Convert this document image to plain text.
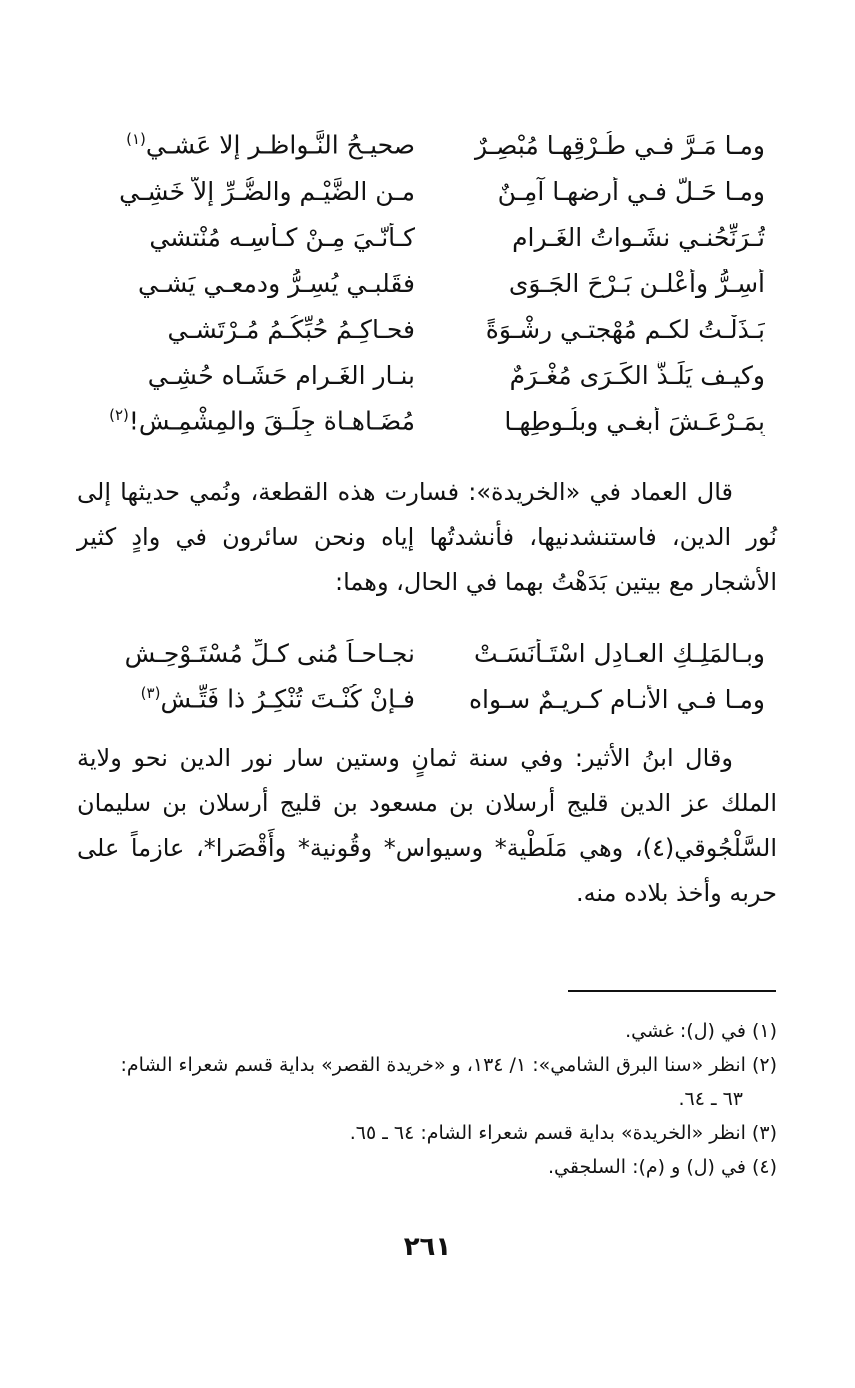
ومـا مَـرَّ فـي طُـرْقِهـا مُبْصِـرٌ
صحيـحُ النَّـواظـر إلا عَشـي$^{(١)}$
ومـا حَـلَّ فـي أرضهـا آمِـنٌ
مـن الضَّيْـم والضُّـرِّ إلاّ خَشِـي
تُـرَنِّحُنـي نشَـواتُ الغَـرام
كـأنّـيَ مِـنْ كـأسِـه مُنْتشي
أُسِـرُّ وأُعْلـن بَـرْحَ الجَـوَى
فقَلبـي يُسِـرُّ ودمعـي يَشـي
بَـذَلْـتُ لكـم مُهْجتـي رِشْـوَةً
فحـاكِـمُ حُبِّكُـمُ مُـرْتَشـي
وكيـف يَلَـذُّ الكَـرَى مُغْـرَمٌ
بنـار الغَـرام حَشَـاه حُشِـي
بِمَـرْعَـشَ أبغـي وبلُـوطِهـا
مُضَـاهـاة جِلِّـقَ والمِشْمِـشِ!$^{(٢)}$

قال العماد في «الخريدة»: فسارت هذه القطعة، ونُمي حديثها إلى نُور الدين، فاستنشدنيها، فأنشدتُها إياه ونحن سائرون في وادٍ كثير الأشجار مع بيتين بَدَهْتُ بهما في الحال، وهما:

وبـالمَلِـكِ العـادِلِ اسْتَـأنَسَـتْ
نجـاحـاً مُنى كـلِّ مُسْتَـوْحِـشِ
ومـا فـي الأنـامِ كـريـمٌ سـواه
فـإنْ كُنْـتَ تُنْكِـرُ ذا فَتِّـشِ$^{(٣)}$

وقال ابنُ الأثير: وفي سنة ثمانٍ وستين سار نور الدين نحو ولاية الملك عز الدين قليج أرسلان بن مسعود بن قليج أرسلان بن سليمان السَّلْجُوقي(٤)، وهي مَلَطْية* وسيواس* وقُونية* وأَقْصَرا*، عازماً على حربه وأخذ بلاده منه.

(١) في (ل): غشي.

(٢) انظر «سنا البرق الشامي»: ١/ ١٣٤، و «خريدة القصر» بداية قسم شعراء الشام:
٦٣ ـ ٦٤.

(٣) انظر «الخريدة» بداية قسم شعراء الشام: ٦٤ ـ ٦٥.

(٤) في (ل) و (م): السلجقي.

٢٦١
